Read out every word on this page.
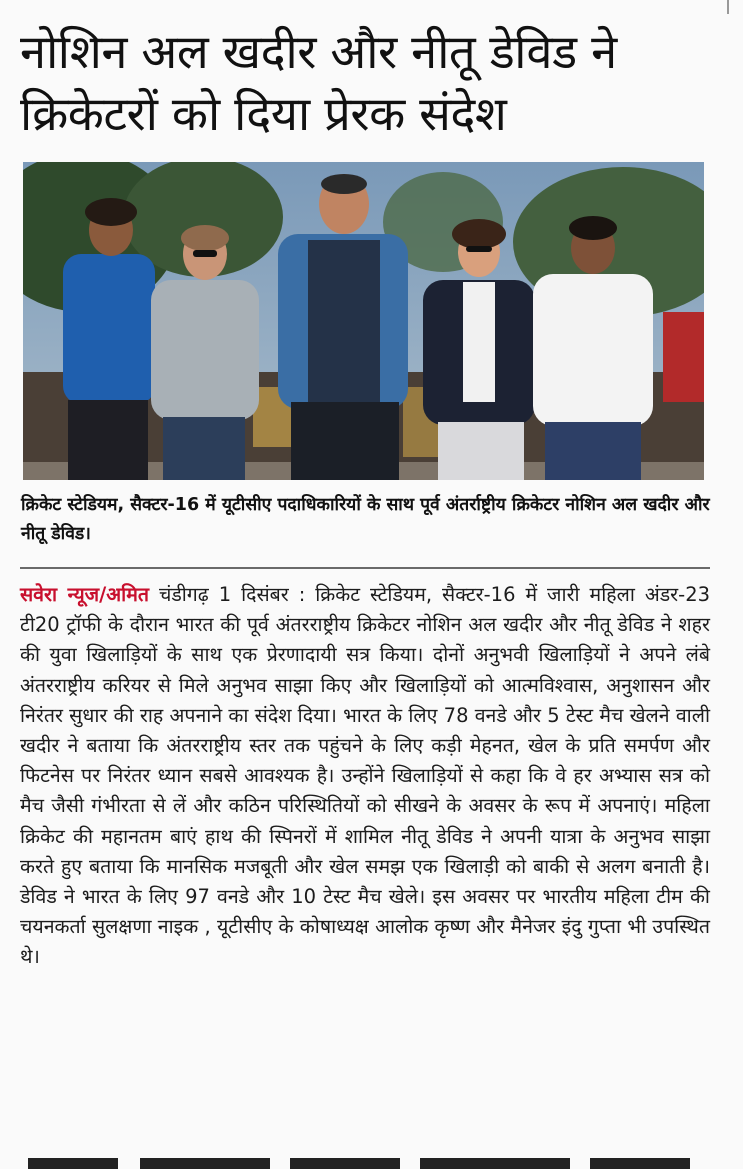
नोशिन अल खदीर और नीतू डेविड ने
क्रिकेटरों को दिया प्रेरक संदेश

क्रिकेट स्टेडियम, सैक्टर-16 में यूटीसीए पदाधिकारियों के साथ पूर्व अंतर्राष्ट्रीय क्रिकेटर नोशिन अल खदीर और नीतू डेविड।

सवेरा न्यूज/अमित चंडीगढ़ 1 दिसंबर : क्रिकेट स्टेडियम, सैक्टर-16 में जारी महिला अंडर-23 टी20 ट्रॉफी के दौरान भारत की पूर्व अंतरराष्ट्रीय क्रिकेटर नोशिन अल खदीर और नीतू डेविड ने शहर की युवा खिलाड़ियों के साथ एक प्रेरणादायी सत्र किया। दोनों अनुभवी खिलाड़ियों ने अपने लंबे अंतरराष्ट्रीय करियर से मिले अनुभव साझा किए और खिलाड़ियों को आत्मविश्वास, अनुशासन और निरंतर सुधार की राह अपनाने का संदेश दिया। भारत के लिए 78 वनडे और 5 टेस्ट मैच खेलने वाली खदीर ने बताया कि अंतरराष्ट्रीय स्तर तक पहुंचने के लिए कड़ी मेहनत, खेल के प्रति समर्पण और फिटनेस पर निरंतर ध्यान सबसे आवश्यक है। उन्होंने खिलाड़ियों से कहा कि वे हर अभ्यास सत्र को मैच जैसी गंभीरता से लें और कठिन परिस्थितियों को सीखने के अवसर के रूप में अपनाएं। महिला क्रिकेट की महानतम बाएं हाथ की स्पिनरों में शामिल नीतू डेविड ने अपनी यात्रा के अनुभव साझा करते हुए बताया कि मानसिक मजबूती और खेल समझ एक खिलाड़ी को बाकी से अलग बनाती है। डेविड ने भारत के लिए 97 वनडे और 10 टेस्ट मैच खेले। इस अवसर पर भारतीय महिला टीम की चयनकर्ता सुलक्षणा नाइक , यूटीसीए के कोषाध्यक्ष आलोक कृष्ण और मैनेजर इंदु गुप्ता भी उपस्थित थे।
